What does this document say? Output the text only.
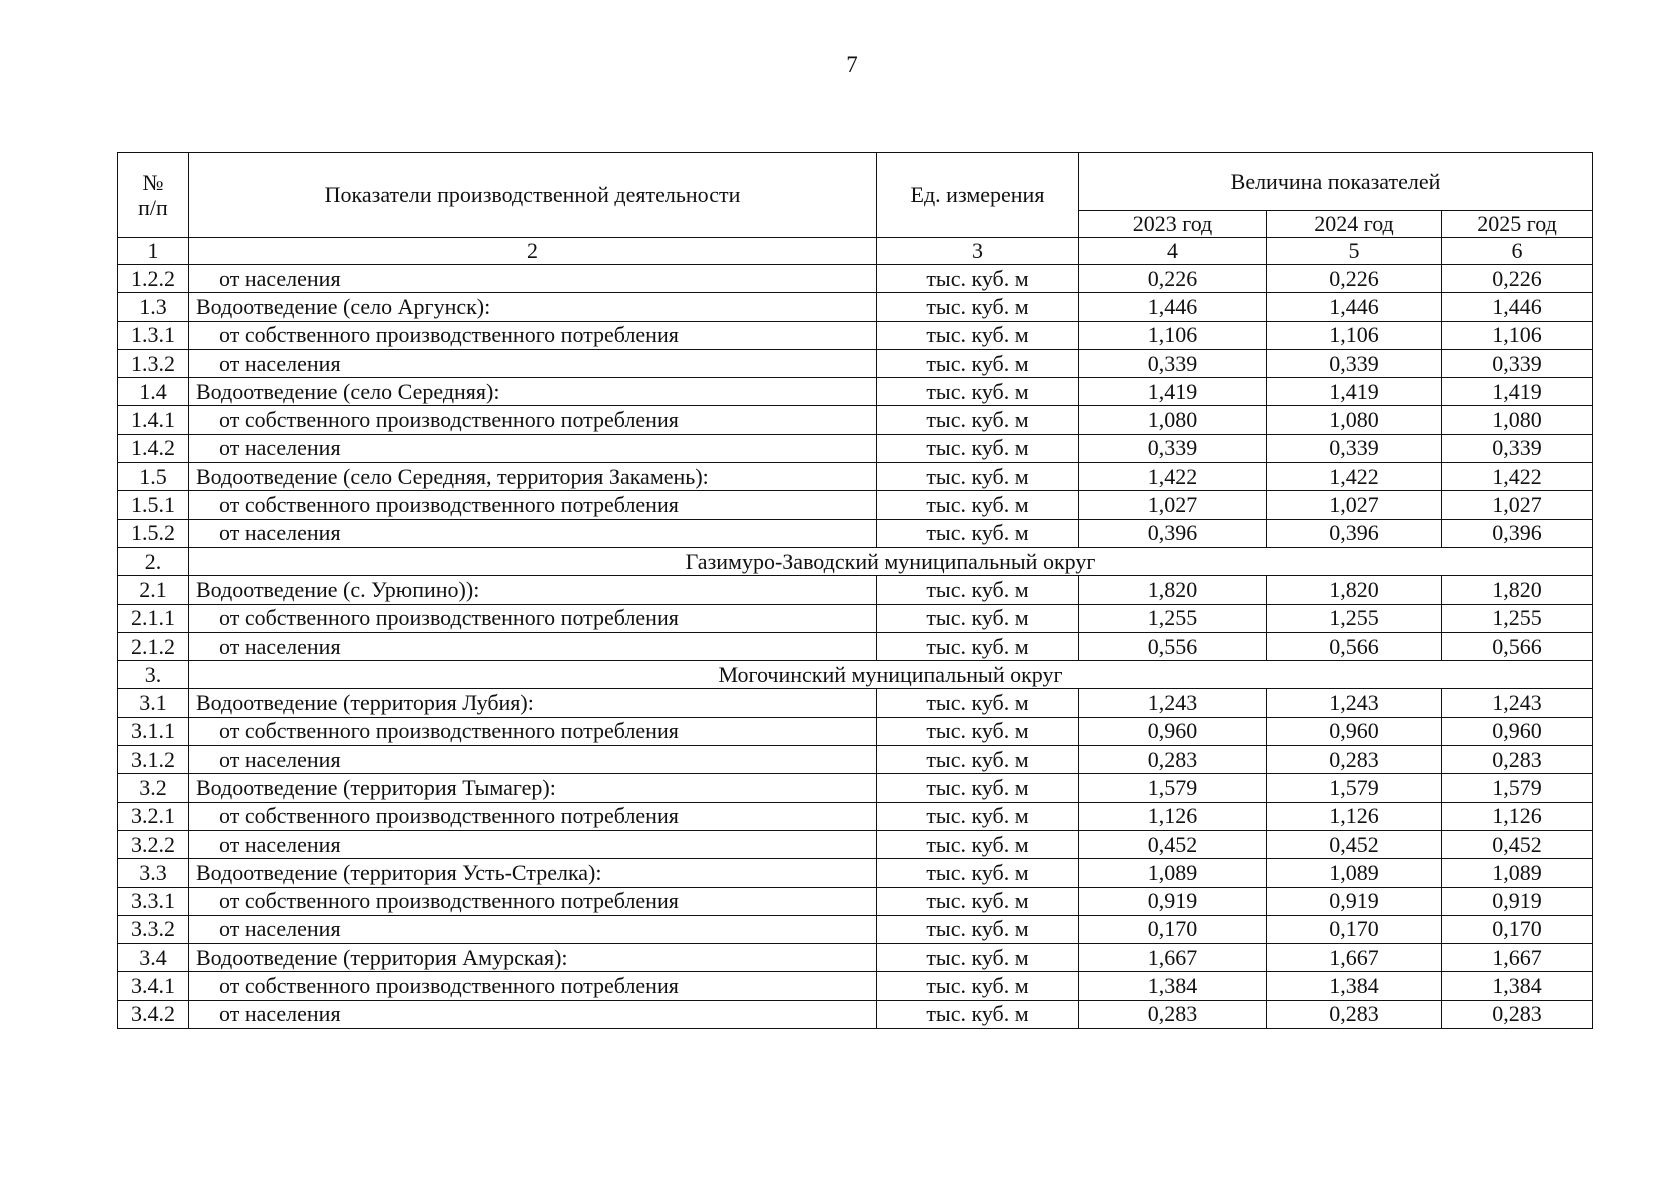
7
№
п/п	Показатели производственной деятельности	Ед. измерения	Величина показателей		
			2023 год	2024 год	2025 год
1	2	3	4	5	6
1.2.2	от населения	тыс. куб. м	0,226	0,226	0,226
1.3	Водоотведение (село Аргунск):	тыс. куб. м	1,446	1,446	1,446
1.3.1	от собственного производственного потребления	тыс. куб. м	1,106	1,106	1,106
1.3.2	от населения	тыс. куб. м	0,339	0,339	0,339
1.4	Водоотведение (село Середняя):	тыс. куб. м	1,419	1,419	1,419
1.4.1	от собственного производственного потребления	тыс. куб. м	1,080	1,080	1,080
1.4.2	от населения	тыс. куб. м	0,339	0,339	0,339
1.5	Водоотведение (село Середняя, территория Закамень):	тыс. куб. м	1,422	1,422	1,422
1.5.1	от собственного производственного потребления	тыс. куб. м	1,027	1,027	1,027
1.5.2	от населения	тыс. куб. м	0,396	0,396	0,396
2.	Газимуро-Заводский муниципальный округ				
2.1	Водоотведение (с. Урюпино)):	тыс. куб. м	1,820	1,820	1,820
2.1.1	от собственного производственного потребления	тыс. куб. м	1,255	1,255	1,255
2.1.2	от населения	тыс. куб. м	0,556	0,566	0,566
3.	Могочинский муниципальный округ				
3.1	Водоотведение (территория Лубия):	тыс. куб. м	1,243	1,243	1,243
3.1.1	от собственного производственного потребления	тыс. куб. м	0,960	0,960	0,960
3.1.2	от населения	тыс. куб. м	0,283	0,283	0,283
3.2	Водоотведение (территория Тымагер):	тыс. куб. м	1,579	1,579	1,579
3.2.1	от собственного производственного потребления	тыс. куб. м	1,126	1,126	1,126
3.2.2	от населения	тыс. куб. м	0,452	0,452	0,452
3.3	Водоотведение (территория Усть-Стрелка):	тыс. куб. м	1,089	1,089	1,089
3.3.1	от собственного производственного потребления	тыс. куб. м	0,919	0,919	0,919
3.3.2	от населения	тыс. куб. м	0,170	0,170	0,170
3.4	Водоотведение (территория Амурская):	тыс. куб. м	1,667	1,667	1,667
3.4.1	от собственного производственного потребления	тыс. куб. м	1,384	1,384	1,384
3.4.2	от населения	тыс. куб. м	0,283	0,283	0,283
